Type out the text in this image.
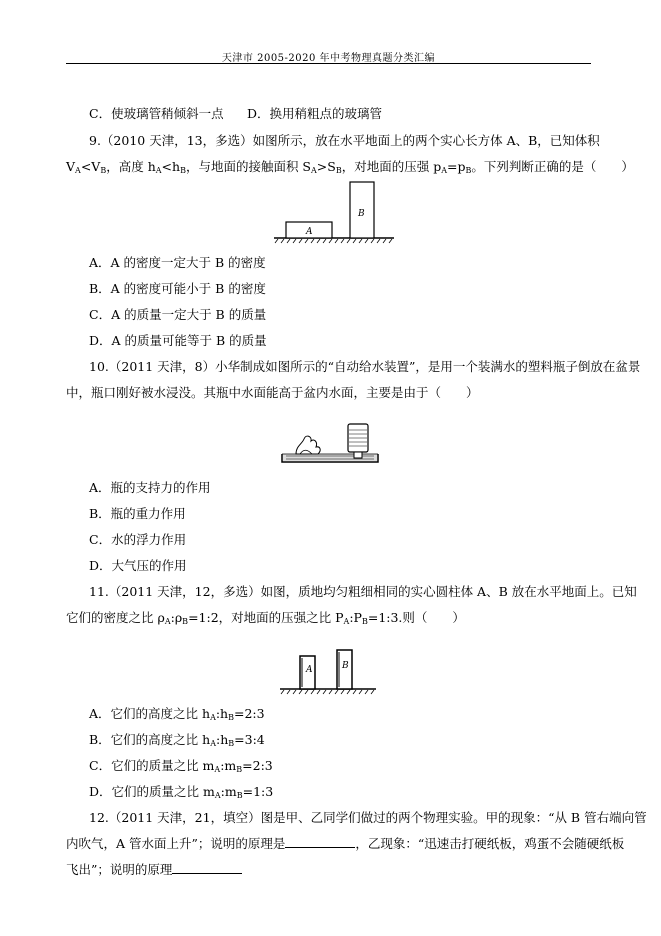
天津市 2005-2020 年中考物理真题分类汇编
C．使玻璃管稍倾斜一点 D．换用稍粗点的玻璃管
9.（2010 天津，13，多选）如图所示，放在水平地面上的两个实心长方体 A、B，已知体积
$V_A<V_B$，高度 $h_A<h_B$，与地面的接触面积 $S_A>S_B$，对地面的压强 $p_A=p_B$。下列判断正确的是（　　）
A
B
A．A 的密度一定大于 B 的密度
B．A 的密度可能小于 B 的密度
C．A 的质量一定大于 B 的质量
D．A 的质量可能等于 B 的质量
10.（2011 天津，8）小华制成如图所示的“自动给水装置”，是用一个装满水的塑料瓶子倒放在盆景
中，瓶口刚好被水浸没。其瓶中水面能高于盆内水面，主要是由于（　　）
A．瓶的支持力的作用
B．瓶的重力作用
C．水的浮力作用
D．大气压的作用
11.（2011 天津，12，多选）如图，质地均匀粗细相同的实心圆柱体 A、B 放在水平地面上。已知
它们的密度之比 $\rho_A:\rho_B=1:2$，对地面的压强之比 $P_A:P_B=1:3$.则（　　）
A	B
A．它们的高度之比 $h_A:h_B=2:3$
B．它们的高度之比 $h_A:h_B=3:4$
C．它们的质量之比 $m_A:m_B=2:3$
D．它们的质量之比 $m_A:m_B=1:3$
12.（2011 天津，21，填空）图是甲、乙同学们做过的两个物理实验。甲的现象：“从 B 管右端向管
内吹气，A 管水面上升”；说明的原理是	，乙现象：“迅速击打硬纸板，鸡蛋不会随硬纸板
飞出”；说明的原理
